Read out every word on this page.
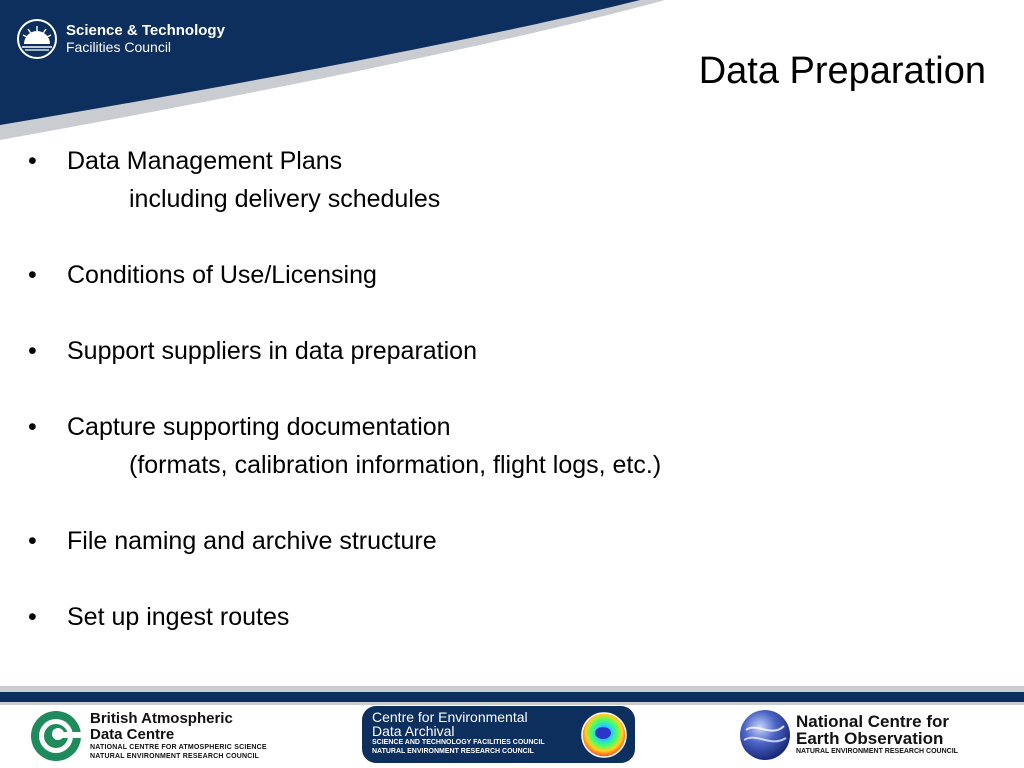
Science & Technology
Facilities Council
Data Preparation
•	Data Management Plans
including delivery schedules
•	Conditions of Use/Licensing
•	Support suppliers in data preparation
•	Capture supporting documentation
(formats, calibration information, flight logs, etc.)
•	File naming and archive structure
•	Set up ingest routes
British Atmospheric
Data Centre
NATIONAL CENTRE FOR ATMOSPHERIC SCIENCE
NATURAL ENVIRONMENT RESEARCH COUNCIL
Centre for Environmental
Data Archival
SCIENCE AND TECHNOLOGY FACILITIES COUNCIL
NATURAL ENVIRONMENT RESEARCH COUNCIL
National Centre for
Earth Observation
NATURAL ENVIRONMENT RESEARCH COUNCIL
